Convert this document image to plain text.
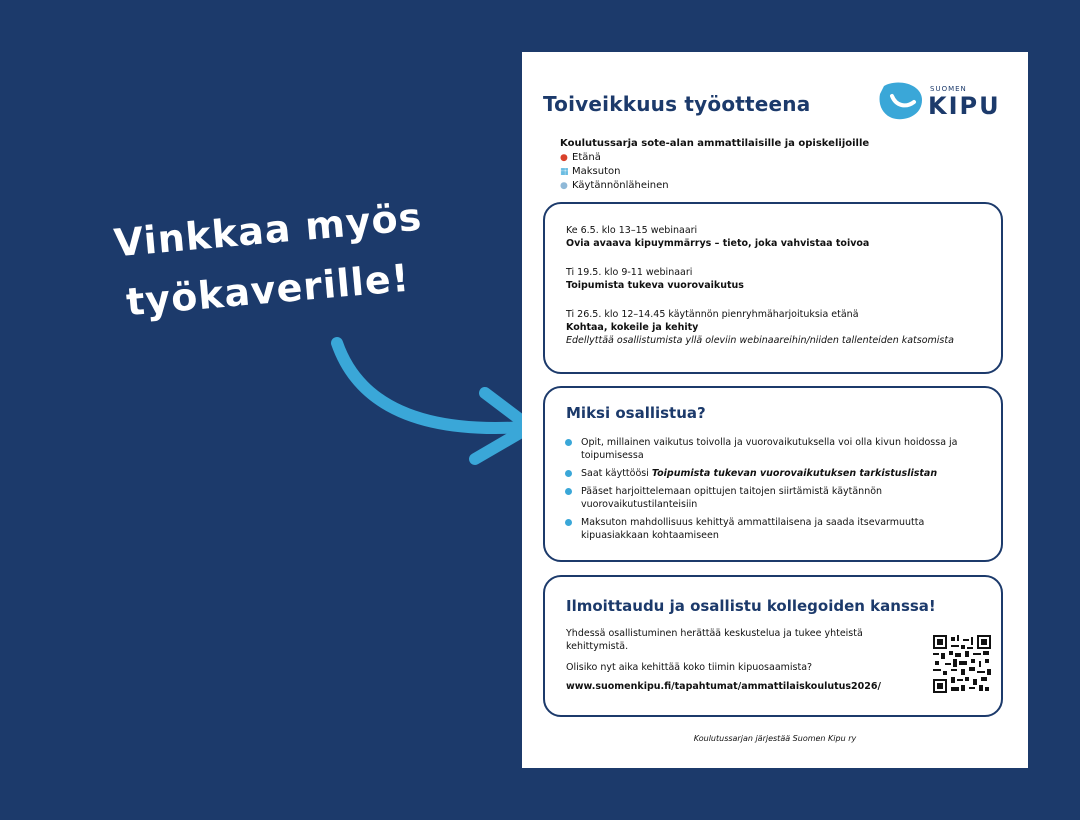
Vinkkaa myös
työkaverille!
Toiveikkuus työotteena
SUOMEN
KIPU
Koulutussarja sote-alan ammattilaisille ja opiskelijoille
● Etänä
▦ Maksuton
● Käytännönläheinen
Ke 6.5. klo 13–15 webinaari
Ovia avaava kipuymmärrys – tieto, joka vahvistaa toivoa
Ti 19.5. klo 9-11 webinaari
Toipumista tukeva vuorovaikutus
Ti 26.5. klo 12–14.45 käytännön pienryhmäharjoituksia etänä
Kohtaa, kokeile ja kehity
Edellyttää osallistumista yllä oleviin webinaareihin/niiden tallenteiden katsomista
Miksi osallistua?
Opit, millainen vaikutus toivolla ja vuorovaikutuksella voi olla kivun hoidossa ja toipumisessa
Saat käyttöösi Toipumista tukevan vuorovaikutuksen tarkistuslistan
Pääset harjoittelemaan opittujen taitojen siirtämistä käytännön vuorovaikutustilanteisiin
Maksuton mahdollisuus kehittyä ammattilaisena ja saada itsevarmuutta kipuasiakkaan kohtaamiseen
Ilmoittaudu ja osallistu kollegoiden kanssa!
Yhdessä osallistuminen herättää keskustelua ja tukee yhteistä kehittymistä.
Olisiko nyt aika kehittää koko tiimin kipuosaamista?
www.suomenkipu.fi/tapahtumat/ammattilaiskoulutus2026/
Koulutussarjan järjestää Suomen Kipu ry
